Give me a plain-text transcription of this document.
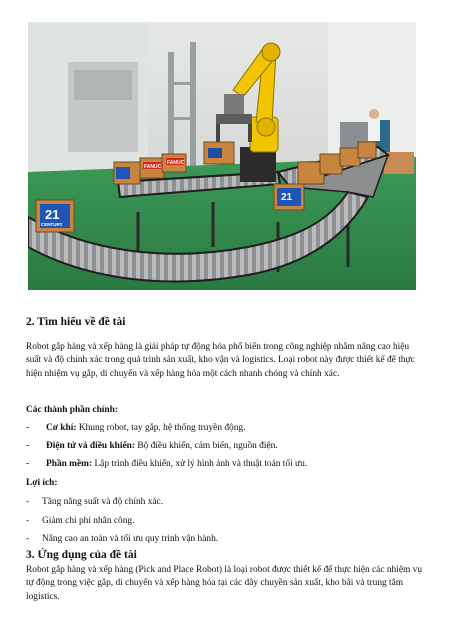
FANUC
FANUC
21
CENTURY
21
2. Tìm hiểu về đề tài

Robot gắp hàng và xếp hàng là giải pháp tự động hóa phổ biến trong công nghiệp nhằm nâng cao hiệu suất và độ chính xác trong quá trình sản xuất, kho vận và logistics. Loại robot này được thiết kế để thực hiện nhiệm vụ gắp, di chuyển và xếp hàng hóa một cách nhanh chóng và chính xác.

Các thành phần chính:

- Cơ khí: Khung robot, tay gắp, hệ thống truyền động.
- Điện tử và điều khiển: Bộ điều khiển, cảm biến, nguồn điện.
- Phần mềm: Lập trình điều khiển, xử lý hình ảnh và thuật toán tối ưu.

Lợi ích:

- Tăng năng suất và độ chính xác.
- Giảm chi phí nhân công.
- Nâng cao an toàn và tối ưu quy trình vận hành.
3. Ứng dụng của đề tài

Robot gắp hàng và xếp hàng (Pick and Place Robot) là loại robot được thiết kế để thực hiện các nhiệm vụ tự động trong việc gắp, di chuyển và xếp hàng hóa tại các dây chuyền sản xuất, kho bãi và trung tâm logistics.
